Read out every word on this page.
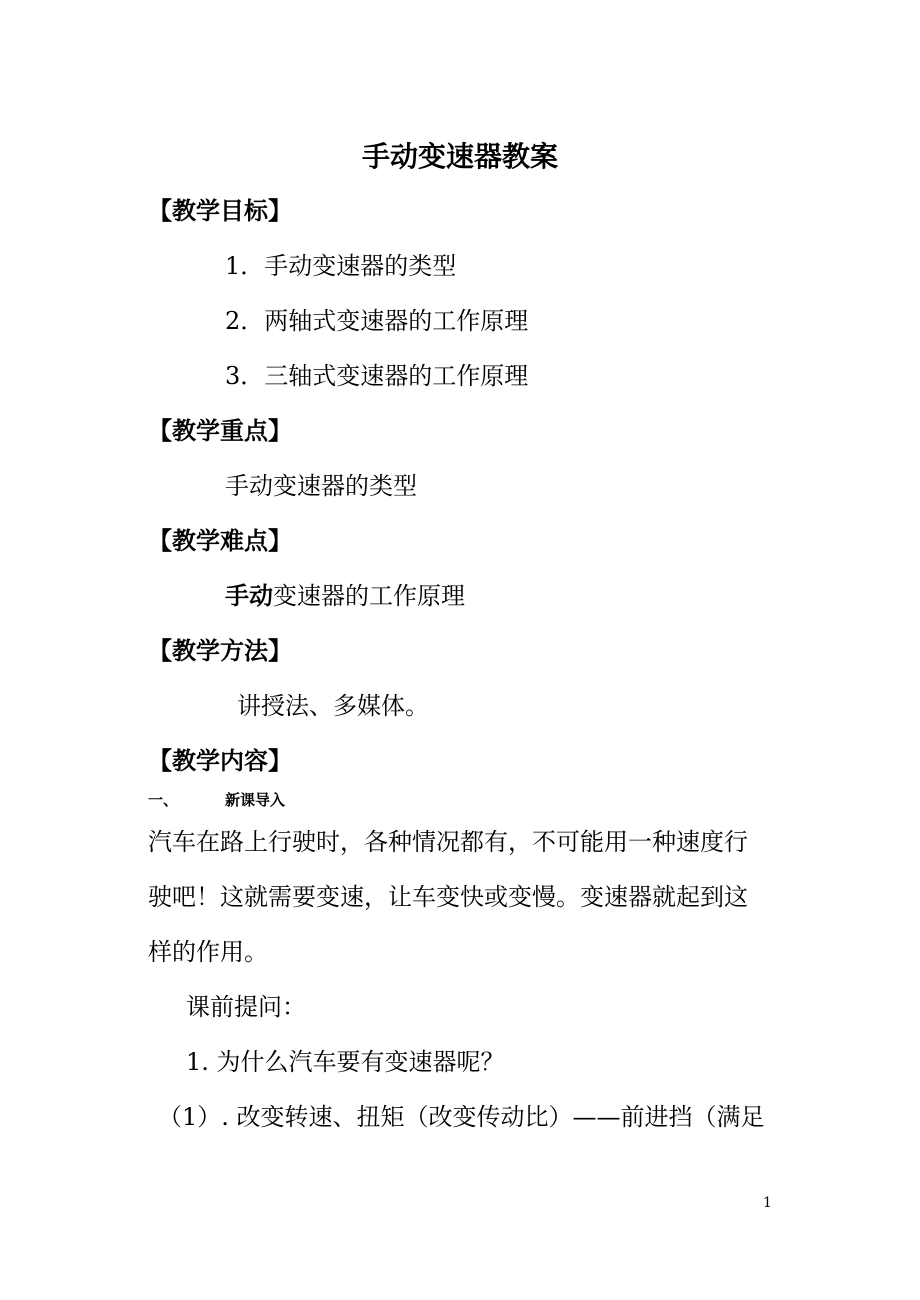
手动变速器教案
【教学目标】
1．手动变速器的类型
2．两轴式变速器的工作原理
3．三轴式变速器的工作原理
【教学重点】
手动变速器的类型
【教学难点】
手动变速器的工作原理
【教学方法】
讲授法、多媒体。
【教学内容】
一、	新课导入
汽车在路上行驶时，各种情况都有，不可能用一种速度行
驶吧！这就需要变速，让车变快或变慢。变速器就起到这
样的作用。
课前提问：
1. 为什么汽车要有变速器呢？
（1）. 改变转速、扭矩（改变传动比）——前进挡（满足
1
